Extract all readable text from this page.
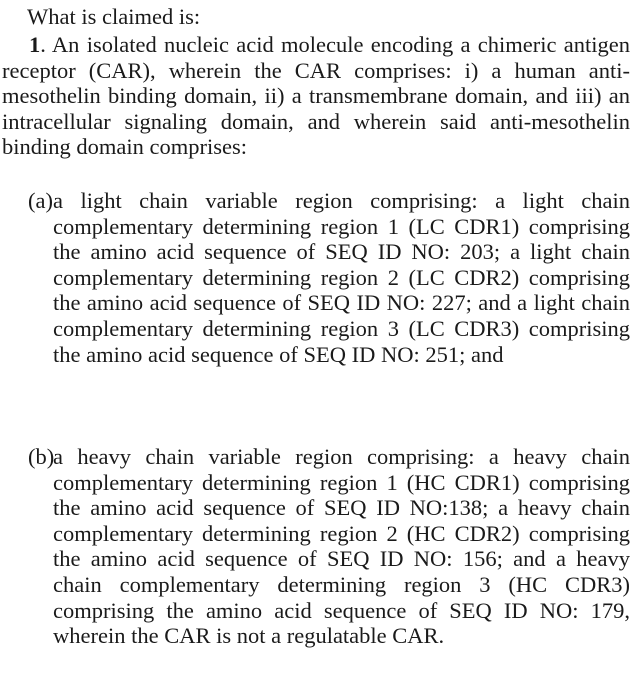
What is claimed is:
1. An isolated nucleic acid molecule encoding a chimeric antigen receptor (CAR), wherein the CAR comprises: i) a human anti-mesothelin binding domain, ii) a transmembrane domain, and iii) an intracellular signaling domain, and wherein said anti-mesothelin binding domain comprises:
(a) a light chain variable region comprising: a light chain complementary determining region 1 (LC CDR1) comprising the amino acid sequence of SEQ ID NO: 203; a light chain complementary determining region 2 (LC CDR2) comprising the amino acid sequence of SEQ ID NO: 227; and a light chain complementary determining region 3 (LC CDR3) comprising the amino acid sequence of SEQ ID NO: 251; and
(b)
a heavy chain variable region comprising: a heavy chain complementary determining region 1 (HC CDR1) comprising the amino acid sequence of SEQ ID NO:138; a heavy chain complementary determining region 2 (HC CDR2) comprising the amino acid sequence of SEQ ID NO: 156; and a heavy chain complementary determining region 3 (HC CDR3) comprising the amino acid sequence of SEQ ID NO: 179, wherein the CAR is not a regulatable CAR.
